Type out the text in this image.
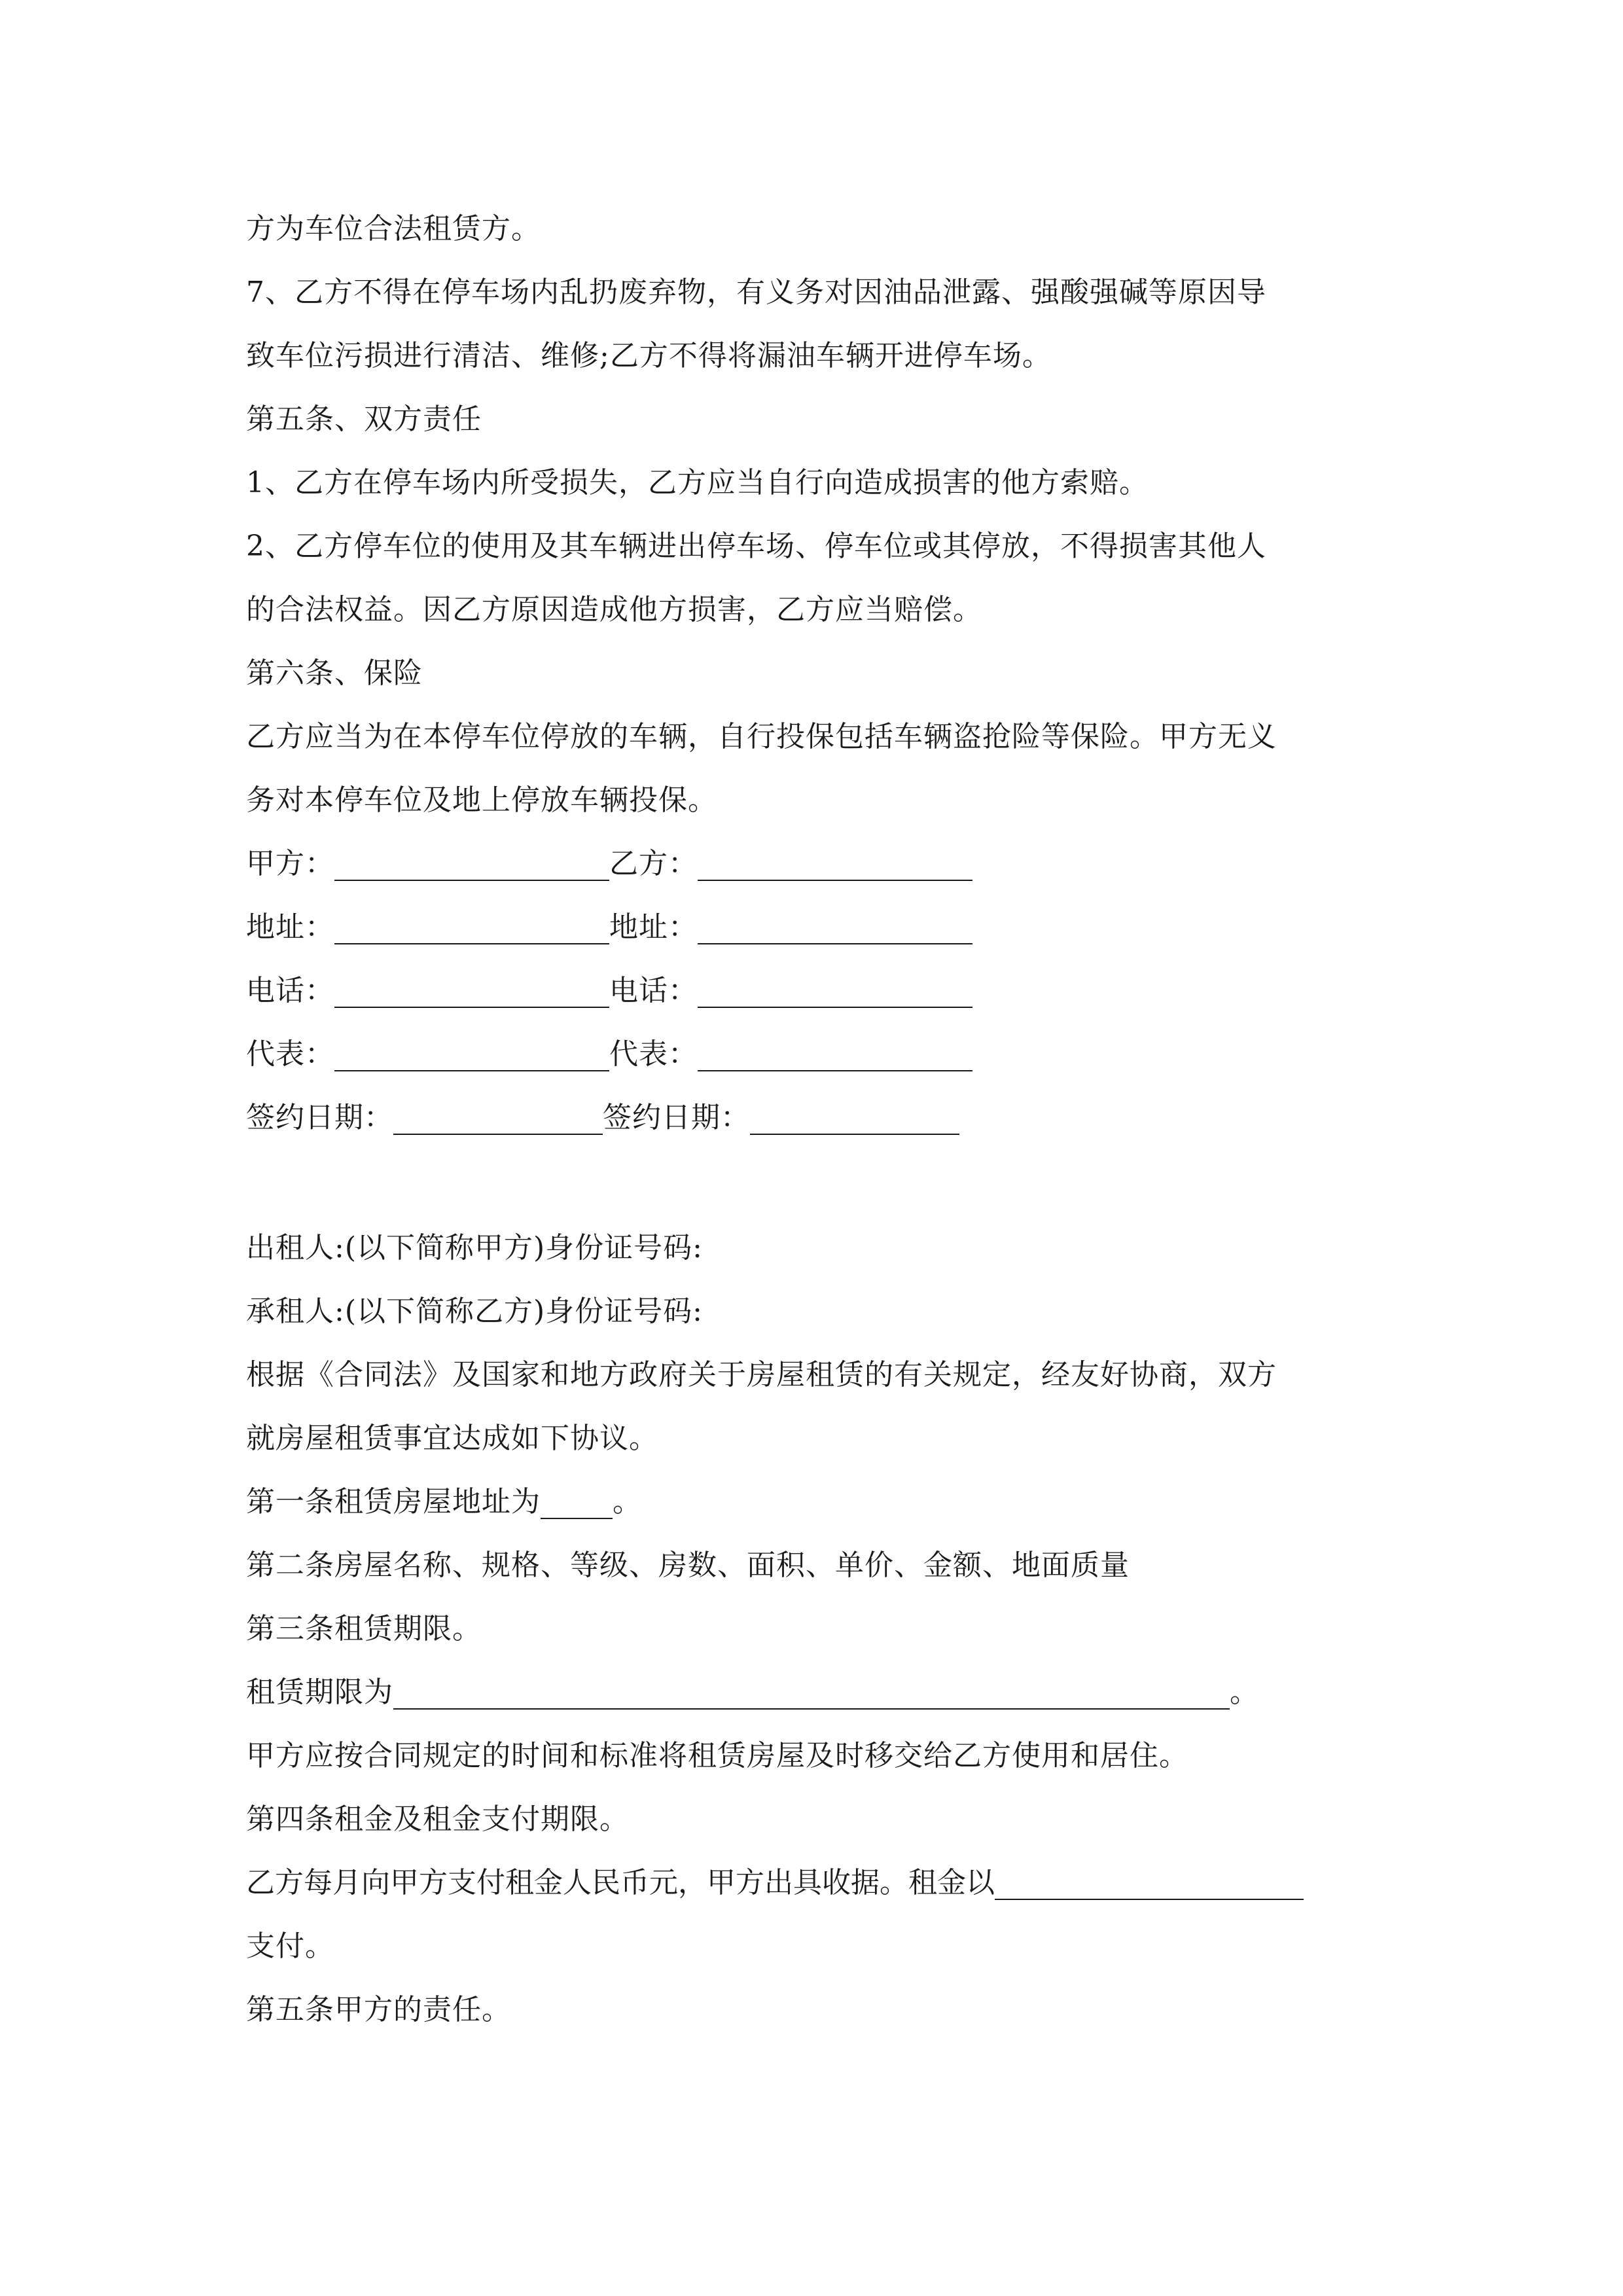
方为车位合法租赁方。
7、乙方不得在停车场内乱扔废弃物，有义务对因油品泄露、强酸强碱等原因导
致车位污损进行清洁、维修;乙方不得将漏油车辆开进停车场。
第五条、双方责任
1、乙方在停车场内所受损失，乙方应当自行向造成损害的他方索赔。
2、乙方停车位的使用及其车辆进出停车场、停车位或其停放，不得损害其他人
的合法权益。因乙方原因造成他方损害，乙方应当赔偿。
第六条、保险
乙方应当为在本停车位停放的车辆，自行投保包括车辆盗抢险等保险。甲方无义
务对本停车位及地上停放车辆投保。
甲方：	乙方：
地址：	地址：
电话：	电话：
代表：	代表：
签约日期：	签约日期：
出租人:(以下简称甲方)身份证号码:
承租人:(以下简称乙方)身份证号码:
根据《合同法》及国家和地方政府关于房屋租赁的有关规定，经友好协商，双方
就房屋租赁事宜达成如下协议。
第一条租赁房屋地址为	。
第二条房屋名称、规格、等级、房数、面积、单价、金额、地面质量
第三条租赁期限。
租赁期限为	。
甲方应按合同规定的时间和标准将租赁房屋及时移交给乙方使用和居住。
第四条租金及租金支付期限。
乙方每月向甲方支付租金人民币元，甲方出具收据。租金以
支付。
第五条甲方的责任。
